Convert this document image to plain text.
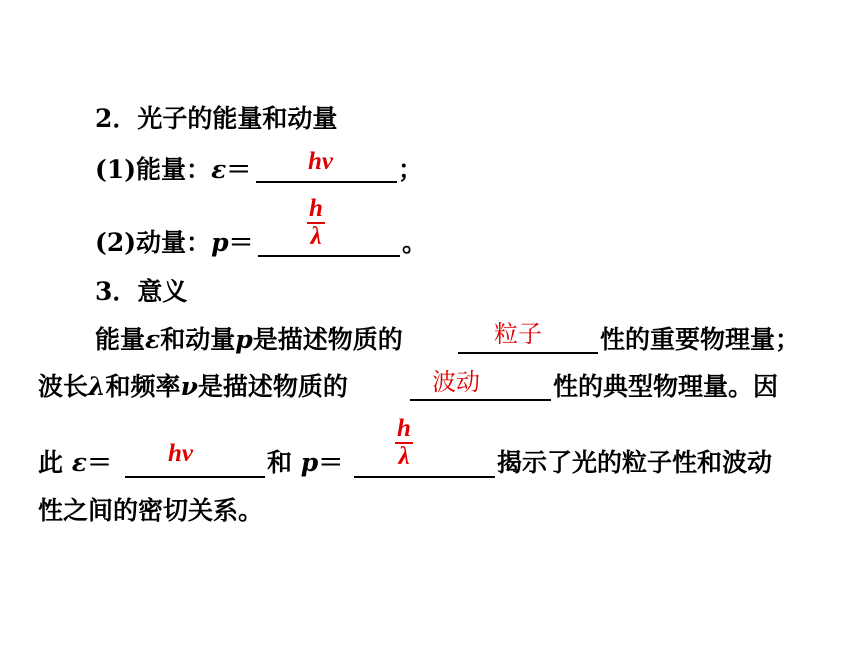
2．光子的能量和动量
(1)能量：ε＝ hν	；
(2)动量：p＝
h
λ	。
3．意义
能量ε和动量p是描述物质的	粒子 性的重要物理量；
波长λ和频率ν是描述物质的	波动	性的典型物理量。因
此 ε＝ hν	和 p＝
h
λ	揭示了光的粒子性和波动
性之间的密切关系。
